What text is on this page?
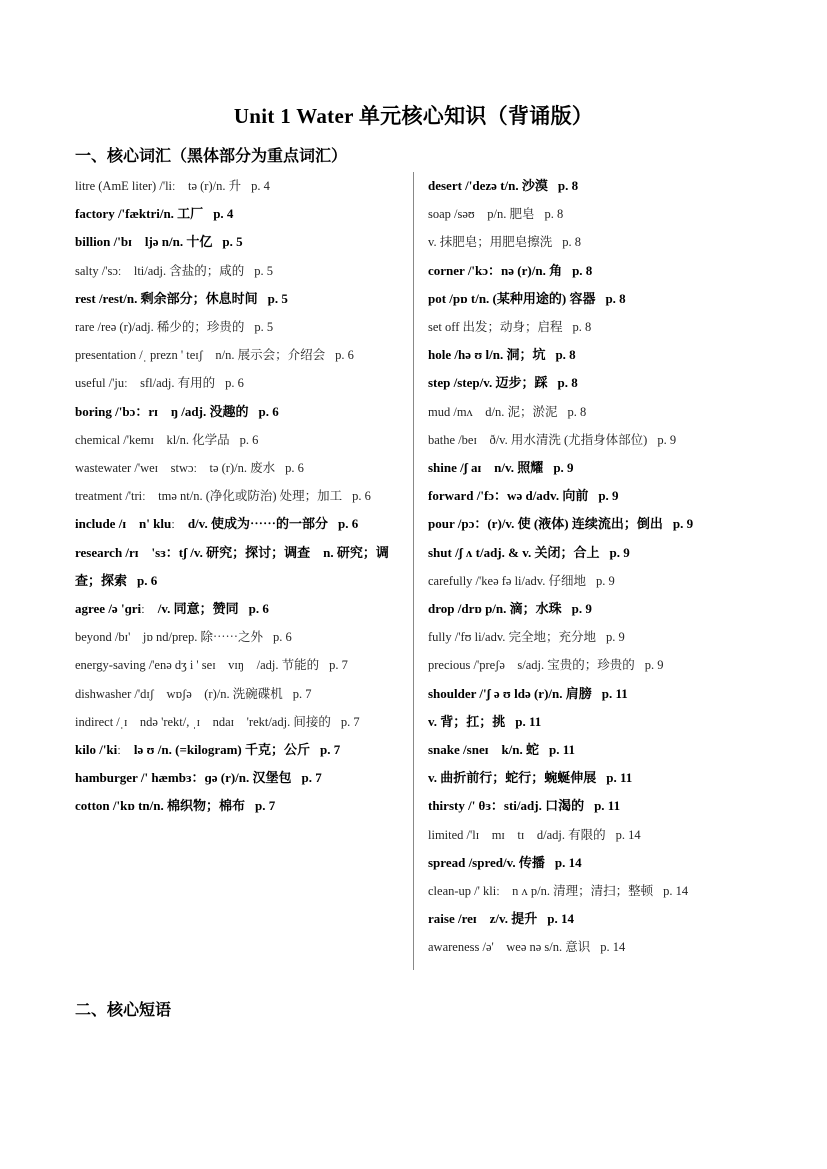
Unit 1 Water 单元核心知识（背诵版）
一、核心词汇（黑体部分为重点词汇）
litre (AmE liter) /'liː　tə (r)/n. 升 p. 4
factory /'fæktri/n. 工厂 p. 4
billion /'bɪ　ljə n/n. 十亿 p. 5
salty /'sɔː　lti/adj. 含盐的；咸的 p. 5
rest /rest/n. 剩余部分；休息时间 p. 5
rare /reə (r)/adj. 稀少的；珍贵的 p. 5
presentation /ˌ prezn ' teɪʃ　n/n. 展示会；介绍会 p. 6
useful /'juː　sfl/adj. 有用的 p. 6
boring /'bɔ：rɪ　ŋ /adj. 没趣的 p. 6
chemical /'kemɪ　kl/n. 化学品 p. 6
wastewater /'weɪ　stwɔː　tə (r)/n. 废水 p. 6
treatment /'triː　tmə nt/n. (净化或防治) 处理；加工 p. 6
include /ɪ　n' kluː　d/v. 使成为⋯⋯的一部分 p. 6
research /rɪ　'sɜ：tʃ /v. 研究；探讨；调查　n. 研究；调查；探索 p. 6
agree /ə 'ɡriː　/v. 同意；赞同 p. 6
beyond /bɪ'　jɒ nd/prep. 除⋯⋯之外 p. 6
energy-saving /'enə dʒ i ' seɪ　vɪŋ　/adj. 节能的 p. 7
dishwasher /'dɪʃ　wɒʃə　(r)/n. 洗碗碟机 p. 7
indirect /ˌɪ　ndə 'rekt/, ˌɪ　ndaɪ　'rekt/adj. 间接的 p. 7
kilo /'kiː　lə ʊ /n. (=kilogram) 千克；公斤 p. 7
hamburger /' hæmbɜ：ɡə (r)/n. 汉堡包 p. 7
cotton /'kɒ tn/n. 棉织物；棉布 p. 7
desert /'dezə t/n. 沙漠 p. 8
soap /səʊ　p/n. 肥皂 p. 8
v. 抹肥皂；用肥皂擦洗 p. 8
corner /'kɔ：nə (r)/n. 角 p. 8
pot /pɒ t/n. (某种用途的) 容器 p. 8
set off 出发；动身；启程 p. 8
hole /hə ʊ l/n. 洞；坑 p. 8
step /step/v. 迈步；踩 p. 8
mud /mʌ　d/n. 泥；淤泥 p. 8
bathe /beɪ　ð/v. 用水清洗 (尤指身体部位) p. 9
shine /ʃ aɪ　n/v. 照耀 p. 9
forward /'fɔ：wə d/adv. 向前 p. 9
pour /pɔ：(r)/v. 使 (液体) 连续流出；倒出 p. 9
shut /ʃ ʌ t/adj. & v. 关闭；合上 p. 9
carefully /'keə fə li/adv. 仔细地 p. 9
drop /drɒ p/n. 滴；水珠 p. 9
fully /'fʊ li/adv. 完全地；充分地 p. 9
precious /'preʃə　s/adj. 宝贵的；珍贵的 p. 9
shoulder /'ʃ ə ʊ ldə (r)/n. 肩膀 p. 11
v. 背；扛；挑 p. 11
snake /sneɪ　k/n. 蛇 p. 11
v. 曲折前行；蛇行；蜿蜒伸展 p. 11
thirsty /' θɜ：sti/adj. 口渴的 p. 11
limited /'lɪ　mɪ　tɪ　d/adj. 有限的 p. 14
spread /spred/v. 传播 p. 14
clean-up /' kliː　n ʌ p/n. 清理；清扫；整顿 p. 14
raise /reɪ　z/v. 提升 p. 14
awareness /ə'　weə nə s/n. 意识 p. 14
二、核心短语
